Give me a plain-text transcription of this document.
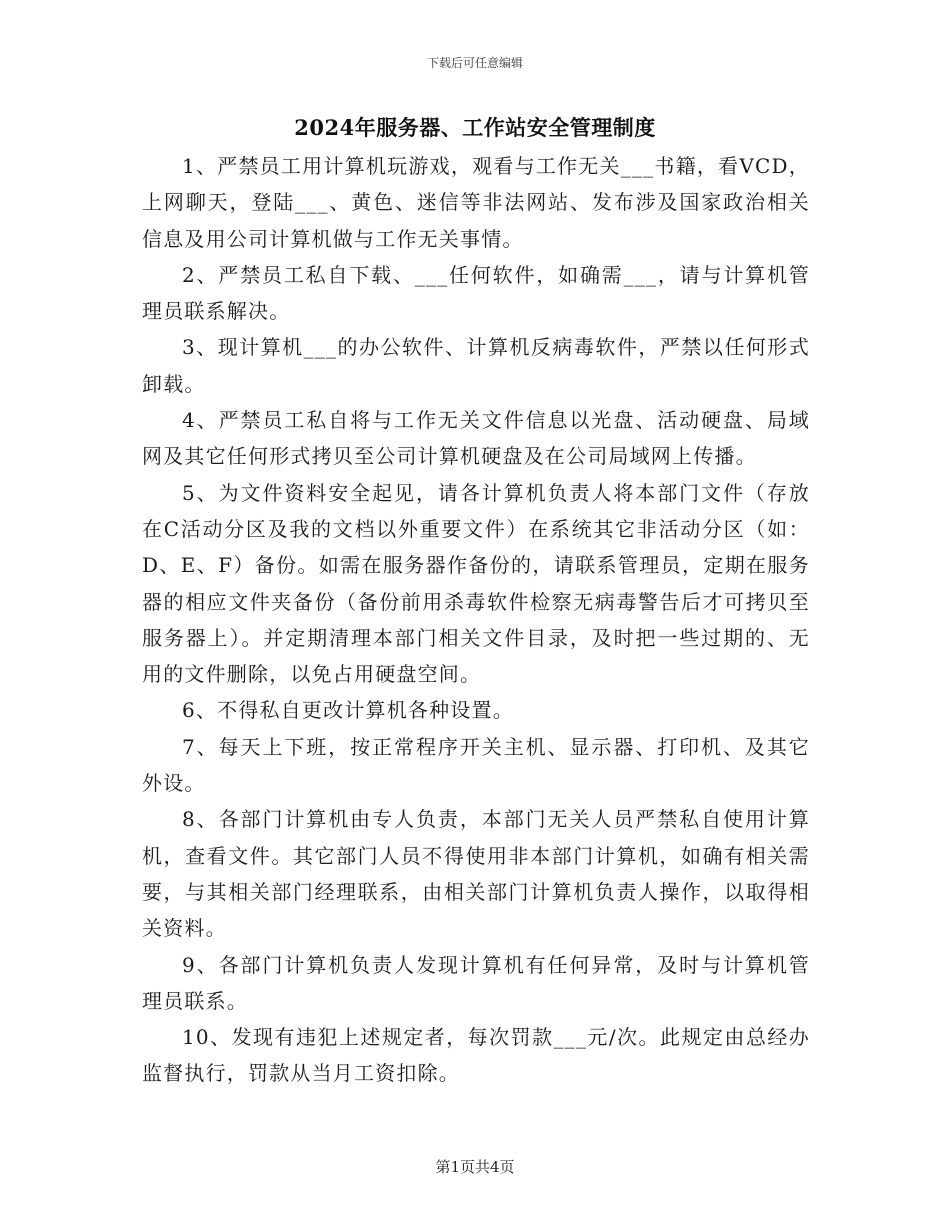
下载后可任意编辑
2024年服务器、工作站安全管理制度

1、严禁员工用计算机玩游戏，观看与工作无关___书籍，看VCD，上网聊天，登陆___、黄色、迷信等非法网站、发布涉及国家政治相关信息及用公司计算机做与工作无关事情。

2、严禁员工私自下载、___任何软件，如确需___，请与计算机管理员联系解决。

3、现计算机___的办公软件、计算机反病毒软件，严禁以任何形式卸载。

4、严禁员工私自将与工作无关文件信息以光盘、活动硬盘、局域网及其它任何形式拷贝至公司计算机硬盘及在公司局域网上传播。

5、为文件资料安全起见，请各计算机负责人将本部门文件（存放在C活动分区及我的文档以外重要文件）在系统其它非活动分区（如：D、E、F）备份。如需在服务器作备份的，请联系管理员，定期在服务器的相应文件夹备份（备份前用杀毒软件检察无病毒警告后才可拷贝至服务器上）。并定期清理本部门相关文件目录，及时把一些过期的、无用的文件删除，以免占用硬盘空间。

6、不得私自更改计算机各种设置。

7、每天上下班，按正常程序开关主机、显示器、打印机、及其它外设。

8、各部门计算机由专人负责，本部门无关人员严禁私自使用计算机，查看文件。其它部门人员不得使用非本部门计算机，如确有相关需要，与其相关部门经理联系，由相关部门计算机负责人操作，以取得相关资料。

9、各部门计算机负责人发现计算机有任何异常，及时与计算机管理员联系。

10、发现有违犯上述规定者，每次罚款___元/次。此规定由总经办监督执行，罚款从当月工资扣除。

第1页共4页
